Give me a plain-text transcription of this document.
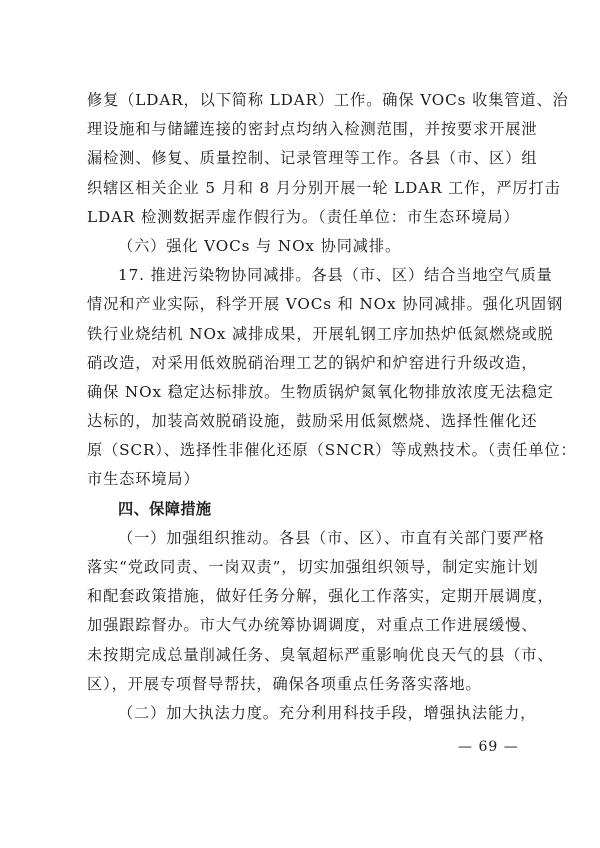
修复（LDAR，以下简称 LDAR）工作。确保 VOCs 收集管道、治
理设施和与储罐连接的密封点均纳入检测范围，并按要求开展泄
漏检测、修复、质量控制、记录管理等工作。各县（市、区）组
织辖区相关企业 5 月和 8 月分别开展一轮 LDAR 工作，严厉打击
LDAR 检测数据弄虚作假行为。（责任单位：市生态环境局）
（六）强化 VOCs 与 NOx 协同减排。
17. 推进污染物协同减排。各县（市、区）结合当地空气质量
情况和产业实际，科学开展 VOCs 和 NOx 协同减排。强化巩固钢
铁行业烧结机 NOx 减排成果，开展轧钢工序加热炉低氮燃烧或脱
硝改造，对采用低效脱硝治理工艺的锅炉和炉窑进行升级改造，
确保 NOx 稳定达标排放。生物质锅炉氮氧化物排放浓度无法稳定
达标的，加装高效脱硝设施，鼓励采用低氮燃烧、选择性催化还
原（SCR）、选择性非催化还原（SNCR）等成熟技术。（责任单位：
市生态环境局）
四、保障措施
（一）加强组织推动。各县（市、区）、市直有关部门要严格
落实“党政同责、一岗双责”，切实加强组织领导，制定实施计划
和配套政策措施，做好任务分解，强化工作落实，定期开展调度，
加强跟踪督办。市大气办统筹协调调度，对重点工作进展缓慢、
未按期完成总量削减任务、臭氧超标严重影响优良天气的县（市、
区），开展专项督导帮扶，确保各项重点任务落实落地。
（二）加大执法力度。充分利用科技手段，增强执法能力，
— 69 —
